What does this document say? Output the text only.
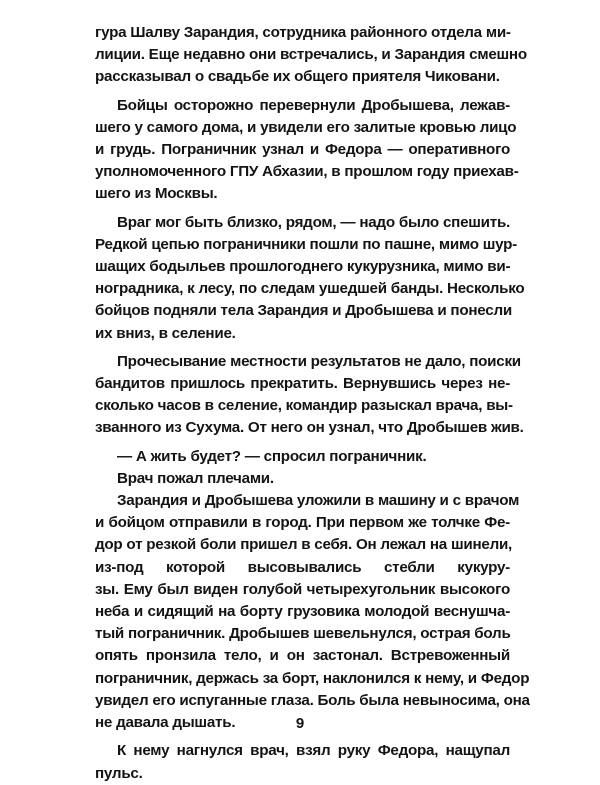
гура Шалву Зарандия, сотрудника районного отдела ми-
лиции. Еще недавно они встречались, и Зарандия смешно
рассказывал о свадьбе их общего приятеля Чиковани.
Бойцы осторожно перевернули Дробышева, лежав-
шего у самого дома, и увидели его залитые кровью лицо
и грудь. Пограничник узнал и Федора — оперативного
уполномоченного ГПУ Абхазии, в прошлом году приехав-
шего из Москвы.
Враг мог быть близко, рядом, — надо было спешить.
Редкой цепью пограничники пошли по пашне, мимо шур-
шащих бодыльев прошлогоднего кукурузника, мимо ви-
ноградника, к лесу, по следам ушедшей банды. Несколько
бойцов подняли тела Зарандия и Дробышева и понесли
их вниз, в селение.
Прочесывание местности результатов не дало, поиски
бандитов пришлось прекратить. Вернувшись через не-
сколько часов в селение, командир разыскал врача, вы-
званного из Сухума. От него он узнал, что Дробышев жив.
— А жить будет? — спросил пограничник.
Врач пожал плечами.
Зарандия и Дробышева уложили в машину и с врачом
и бойцом отправили в город. При первом же толчке Фе-
дор от резкой боли пришел в себя. Он лежал на шинели,
из-под которой высовывались стебли кукуру-
зы. Ему был виден голубой четырехугольник высокого
неба и сидящий на борту грузовика молодой веснушча-
тый пограничник. Дробышев шевельнулся, острая боль
опять пронзила тело, и он застонал. Встревоженный
пограничник, держась за борт, наклонился к нему, и Федор
увидел его испуганные глаза. Боль была невыносима, она
не давала дышать.
К нему нагнулся врач, взял руку Федора, нащупал
пульс.
9
